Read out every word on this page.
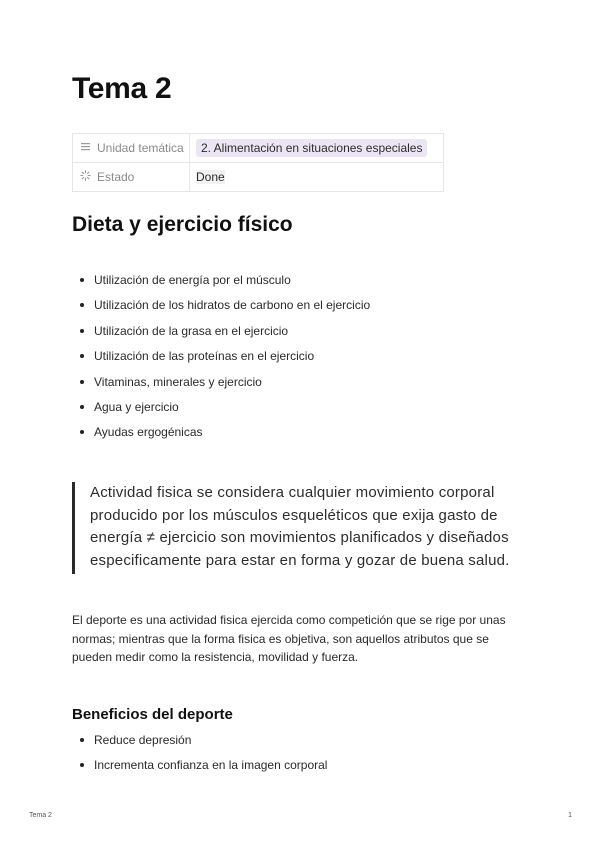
Tema 2
Unidad temática	2. Alimentación en situaciones especiales

Estado	Done
Dieta y ejercicio físico
Utilización de energía por el músculo
Utilización de los hidratos de carbono en el ejercicio
Utilización de la grasa en el ejercicio
Utilización de las proteínas en el ejercicio
Vitaminas, minerales y ejercicio
Agua y ejercicio
Ayudas ergogénicas
Actividad fisica se considera cualquier movimiento corporal producido por los músculos esqueléticos que exija gasto de energía ≠ ejercicio son movimientos planificados y diseñados especificamente para estar en forma y gozar de buena salud.

El deporte es una actividad fisica ejercida como competición que se rige por unas normas; mientras que la forma fisica es objetiva, son aquellos atributos que se pueden medir como la resistencia, movilidad y fuerza.

Beneficios del deporte
Reduce depresión
Incrementa confianza en la imagen corporal
Tema 2	1
